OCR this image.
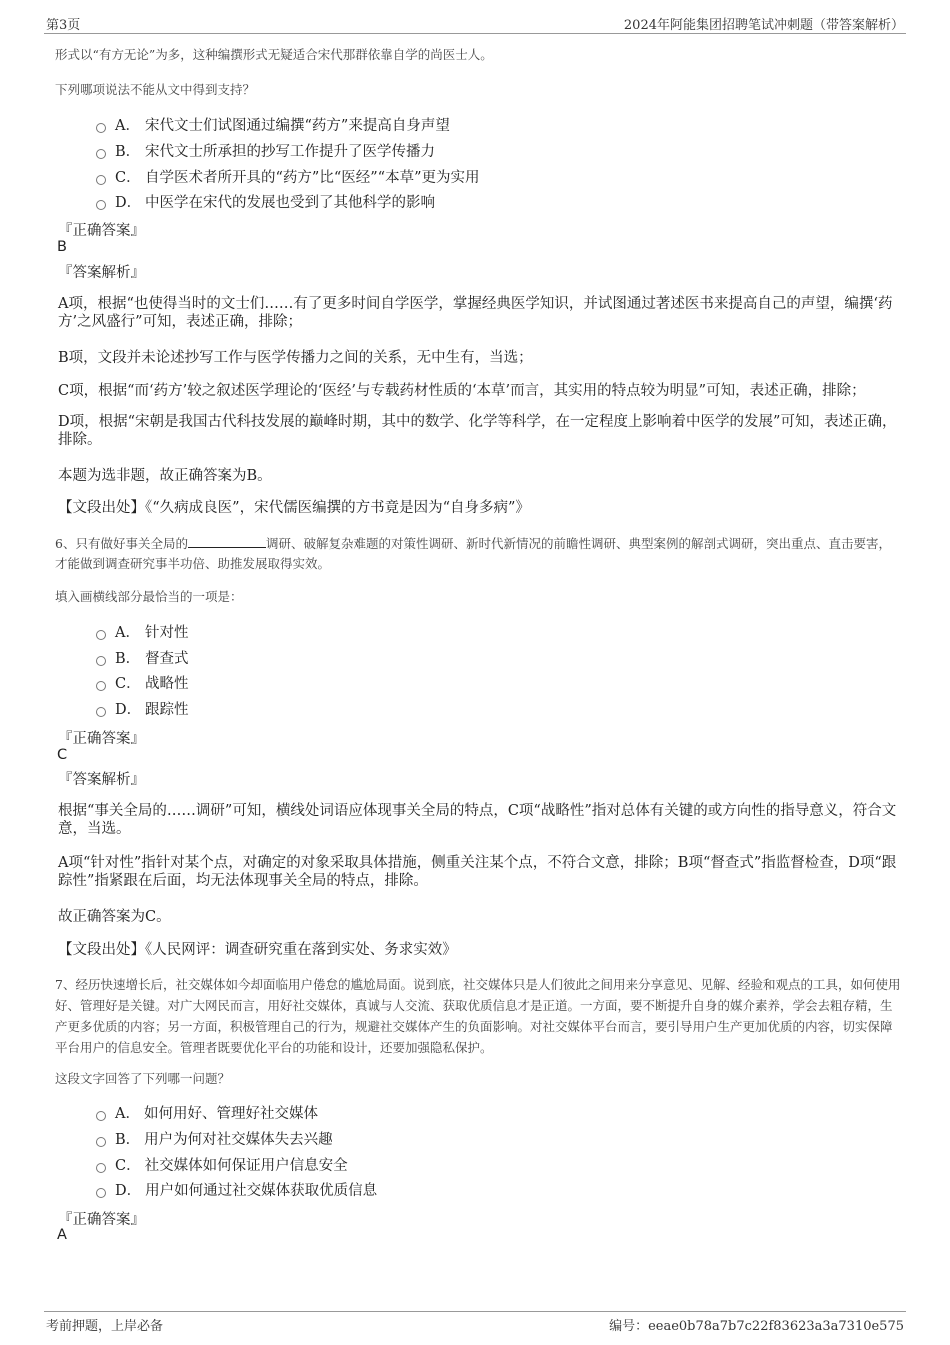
第3页	2024年阿能集团招聘笔试冲刺题（带答案解析）
形式以“有方无论”为多，这种编撰形式无疑适合宋代那群依靠自学的尚医士人。
下列哪项说法不能从文中得到支持？
A． 宋代文士们试图通过编撰“药方”来提高自身声望
B． 宋代文士所承担的抄写工作提升了医学传播力
C． 自学医术者所开具的“药方”比“医经”“本草”更为实用
D． 中医学在宋代的发展也受到了其他科学的影响
『正确答案』
B
『答案解析』
A项，根据“也使得当时的文士们……有了更多时间自学医学，掌握经典医学知识，并试图通过著述医书来提高自己的声望，编撰‘药方’之风盛行”可知，表述正确，排除；
B项，文段并未论述抄写工作与医学传播力之间的关系，无中生有，当选；
C项，根据“而‘药方’较之叙述医学理论的‘医经’与专载药材性质的‘本草’而言，其实用的特点较为明显”可知，表述正确，排除；
D项，根据“宋朝是我国古代科技发展的巅峰时期，其中的数学、化学等科学，在一定程度上影响着中医学的发展”可知，表述正确，排除。
本题为选非题，故正确答案为B。
【文段出处】《“久病成良医”，宋代儒医编撰的方书竟是因为“自身多病”》
6、只有做好事关全局的	调研、破解复杂难题的对策性调研、新时代新情况的前瞻性调研、典型案例的解剖式调研，突出重点、直击要害，才能做到调查研究事半功倍、助推发展取得实效。
填入画横线部分最恰当的一项是：
A． 针对性
B． 督查式
C． 战略性
D． 跟踪性
『正确答案』
C
『答案解析』
根据“事关全局的……调研”可知，横线处词语应体现事关全局的特点，C项“战略性”指对总体有关键的或方向性的指导意义，符合文意，当选。
A项“针对性”指针对某个点，对确定的对象采取具体措施，侧重关注某个点，不符合文意，排除；B项“督查式”指监督检查，D项“跟踪性”指紧跟在后面，均无法体现事关全局的特点，排除。
故正确答案为C。
【文段出处】《人民网评：调查研究重在落到实处、务求实效》
7、经历快速增长后，社交媒体如今却面临用户倦怠的尴尬局面。说到底，社交媒体只是人们彼此之间用来分享意见、见解、经验和观点的工具，如何使用好、管理好是关键。对广大网民而言，用好社交媒体，真诚与人交流、获取优质信息才是正道。一方面，要不断提升自身的媒介素养，学会去粗存精，生产更多优质的内容；另一方面，积极管理自己的行为，规避社交媒体产生的负面影响。对社交媒体平台而言，要引导用户生产更加优质的内容，切实保障平台用户的信息安全。管理者既要优化平台的功能和设计，还要加强隐私保护。
这段文字回答了下列哪一问题？
A． 如何用好、管理好社交媒体
B． 用户为何对社交媒体失去兴趣
C． 社交媒体如何保证用户信息安全
D． 用户如何通过社交媒体获取优质信息
『正确答案』
A
考前押题，上岸必备	编号：eeae0b78a7b7c22f83623a3a7310e575
